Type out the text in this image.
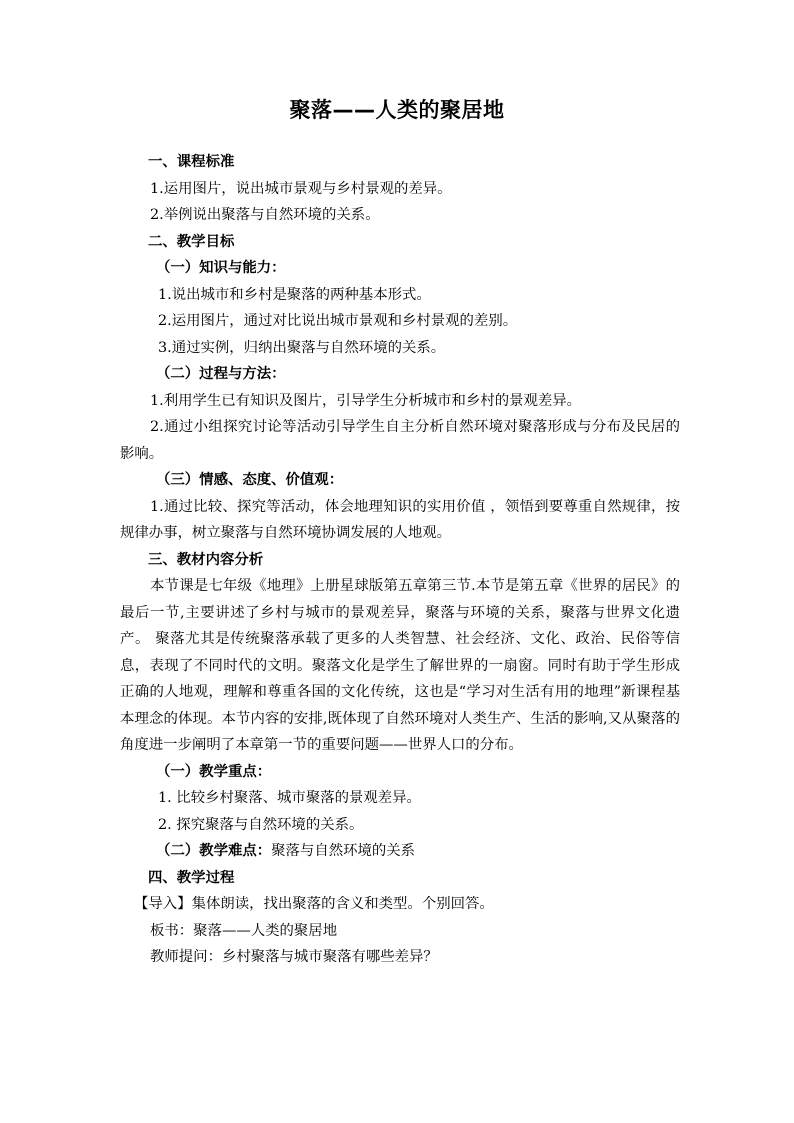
聚落——人类的聚居地

一、课程标准

1.运用图片，说出城市景观与乡村景观的差异。

2.举例说出聚落与自然环境的关系。

二、教学目标

（一）知识与能力：

1.说出城市和乡村是聚落的两种基本形式。

2.运用图片，通过对比说出城市景观和乡村景观的差别。

3.通过实例，归纳出聚落与自然环境的关系。

（二）过程与方法：

1.利用学生已有知识及图片，引导学生分析城市和乡村的景观差异。

2.通过小组探究讨论等活动引导学生自主分析自然环境对聚落形成与分布及民居的影响。

（三）情感、态度、价值观：

1.通过比较、探究等活动，体会地理知识的实用价值 ，领悟到要尊重自然规律，按规律办事，树立聚落与自然环境协调发展的人地观。

三、教材内容分析

本节课是七年级《地理》上册星球版第五章第三节.本节是第五章《世界的居民》的最后一节,主要讲述了乡村与城市的景观差异，聚落与环境的关系，聚落与世界文化遗产。 聚落尤其是传统聚落承载了更多的人类智慧、社会经济、文化、政治、民俗等信息，表现了不同时代的文明。聚落文化是学生了解世界的一扇窗。同时有助于学生形成正确的人地观，理解和尊重各国的文化传统，这也是“学习对生活有用的地理”新课程基本理念的体现。本节内容的安排,既体现了自然环境对人类生产、生活的影响,又从聚落的角度进一步阐明了本章第一节的重要问题——世界人口的分布。

（一）教学重点：

1. 比较乡村聚落、城市聚落的景观差异。

2. 探究聚落与自然环境的关系。

（二）教学难点：聚落与自然环境的关系

四、教学过程

【导入】集体朗读，找出聚落的含义和类型。个别回答。

板书：聚落——人类的聚居地

教师提问：乡村聚落与城市聚落有哪些差异？
